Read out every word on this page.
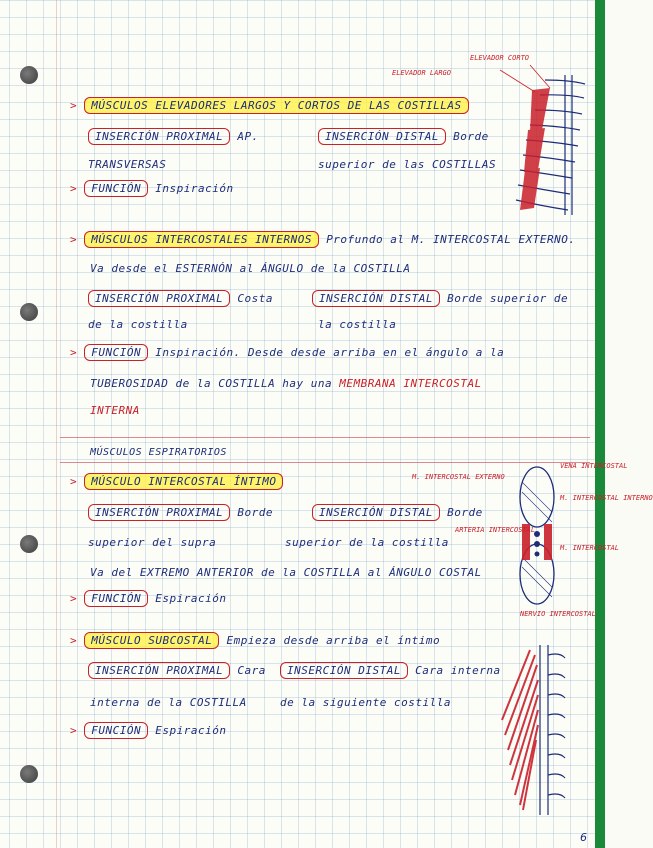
> MÚSCULOS ELEVADORES LARGOS Y CORTOS DE LAS COSTILLAS
INSERCIÓN PROXIMAL AP.	INSERCIÓN DISTAL Borde
TRANSVERSAS	superior de las COSTILLAS
> FUNCIÓN Inspiración
ELEVADOR CORTO
ELEVADOR LARGO
> MÚSCULOS INTERCOSTALES INTERNOS Profundo al M. INTERCOSTAL EXTERNO.
Va desde el ESTERNÓN al ÁNGULO de la COSTILLA
INSERCIÓN PROXIMAL Costa	INSERCIÓN DISTAL Borde superior de
de la costilla	la costilla
> FUNCIÓN Inspiración. Desde desde arriba en el ángulo a la
TUBEROSIDAD de la COSTILLA hay una MEMBRANA INTERCOSTAL
INTERNA
MÚSCULOS ESPIRATORIOS
> MÚSCULO INTERCOSTAL ÍNTIMO
INSERCIÓN PROXIMAL Borde	INSERCIÓN DISTAL Borde
superior del supra	superior de la costilla
Va del EXTREMO ANTERIOR de la COSTILLA al ÁNGULO COSTAL
> FUNCIÓN Espiración
M. INTERCOSTAL EXTERNO
ARTERIA INTERCOSTAL
VENA INTERCOSTAL
M. INTERCOSTAL INTERNO
M. INTERCOSTAL
NERVIO INTERCOSTAL
> MÚSCULO SUBCOSTAL Empieza desde arriba el íntimo
INSERCIÓN PROXIMAL Cara	INSERCIÓN DISTAL Cara interna
interna de la COSTILLA	de la siguiente costilla
> FUNCIÓN Espiración
6
